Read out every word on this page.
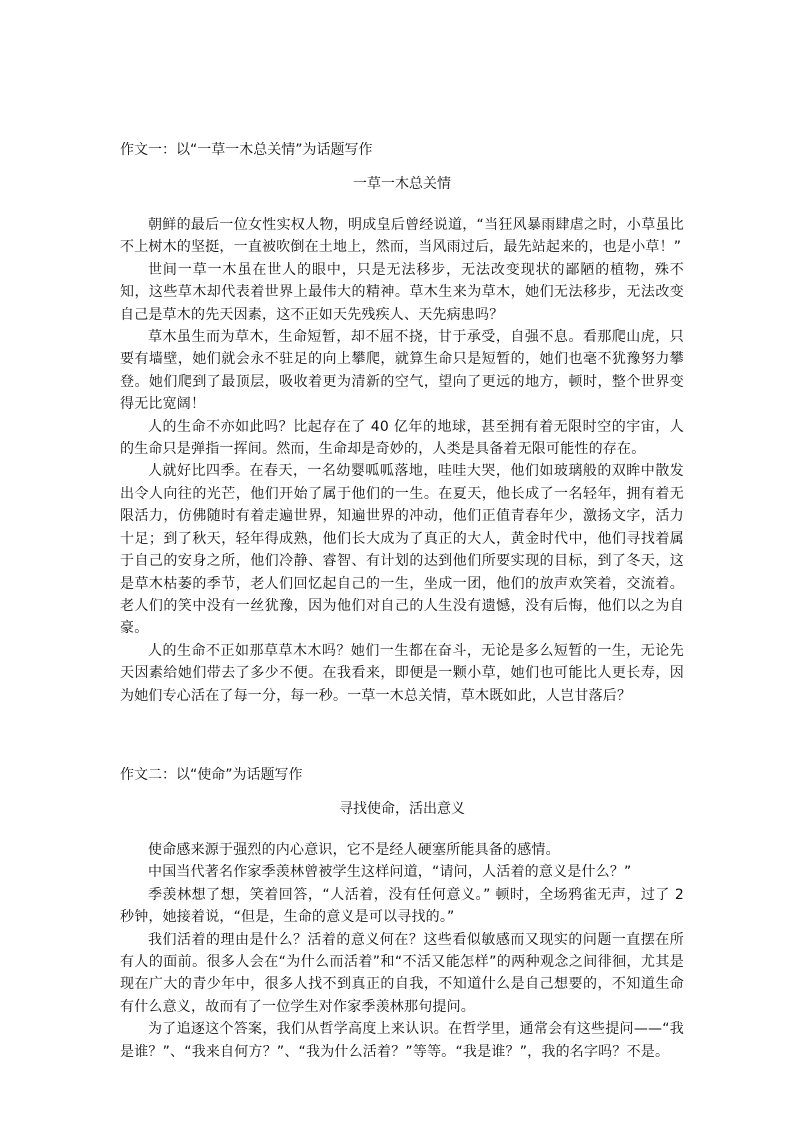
作文一：以“一草一木总关情”为话题写作

一草一木总关情

朝鲜的最后一位女性实权人物，明成皇后曾经说道，“当狂风暴雨肆虐之时，小草虽比不上树木的坚挺，一直被吹倒在土地上，然而，当风雨过后，最先站起来的，也是小草！”

世间一草一木虽在世人的眼中，只是无法移步，无法改变现状的鄙陋的植物，殊不知，这些草木却代表着世界上最伟大的精神。草木生来为草木，她们无法移步，无法改变自己是草木的先天因素，这不正如天先残疾人、天先病患吗？

草木虽生而为草木，生命短暂，却不屈不挠，甘于承受，自强不息。看那爬山虎，只要有墙壁，她们就会永不驻足的向上攀爬，就算生命只是短暂的，她们也毫不犹豫努力攀登。她们爬到了最顶层，吸收着更为清新的空气，望向了更远的地方，顿时，整个世界变得无比宽阔！

人的生命不亦如此吗？比起存在了 40 亿年的地球，甚至拥有着无限时空的宇宙，人的生命只是弹指一挥间。然而，生命却是奇妙的，人类是具备着无限可能性的存在。

人就好比四季。在春天，一名幼婴呱呱落地，哇哇大哭，他们如玻璃般的双眸中散发出令人向往的光芒，他们开始了属于他们的一生。在夏天，他长成了一名轻年，拥有着无限活力，仿佛随时有着走遍世界，知遍世界的冲动，他们正值青春年少，激扬文字，活力十足；到了秋天，轻年得成熟，他们长大成为了真正的大人，黄金时代中，他们寻找着属于自己的安身之所，他们冷静、睿智、有计划的达到他们所要实现的目标，到了冬天，这是草木枯萎的季节，老人们回忆起自己的一生，坐成一团，他们的放声欢笑着，交流着。老人们的笑中没有一丝犹豫，因为他们对自己的人生没有遗憾，没有后悔，他们以之为自豪。

人的生命不正如那草草木木吗？她们一生都在奋斗，无论是多么短暂的一生，无论先天因素给她们带去了多少不便。在我看来，即便是一颗小草，她们也可能比人更长寿，因为她们专心活在了每一分，每一秒。一草一木总关情，草木既如此，人岂甘落后？

作文二：以“使命”为话题写作

寻找使命，活出意义

使命感来源于强烈的内心意识，它不是经人硬塞所能具备的感情。

中国当代著名作家季羡林曾被学生这样问道，“请问，人活着的意义是什么？”

季羡林想了想，笑着回答，“人活着，没有任何意义。” 顿时，全场鸦雀无声，过了 2 秒钟，她接着说，“但是，生命的意义是可以寻找的。”

我们活着的理由是什么？活着的意义何在？这些看似敏感而又现实的问题一直摆在所有人的面前。很多人会在“为什么而活着”和“不活又能怎样”的两种观念之间徘徊，尤其是现在广大的青少年中，很多人找不到真正的自我，不知道什么是自己想要的，不知道生命有什么意义，故而有了一位学生对作家季羡林那句提问。

为了追逐这个答案，我们从哲学高度上来认识。在哲学里，通常会有这些提问——“我是谁？”、“我来自何方？”、“我为什么活着？”等等。“我是谁？”，我的名字吗？不是。
